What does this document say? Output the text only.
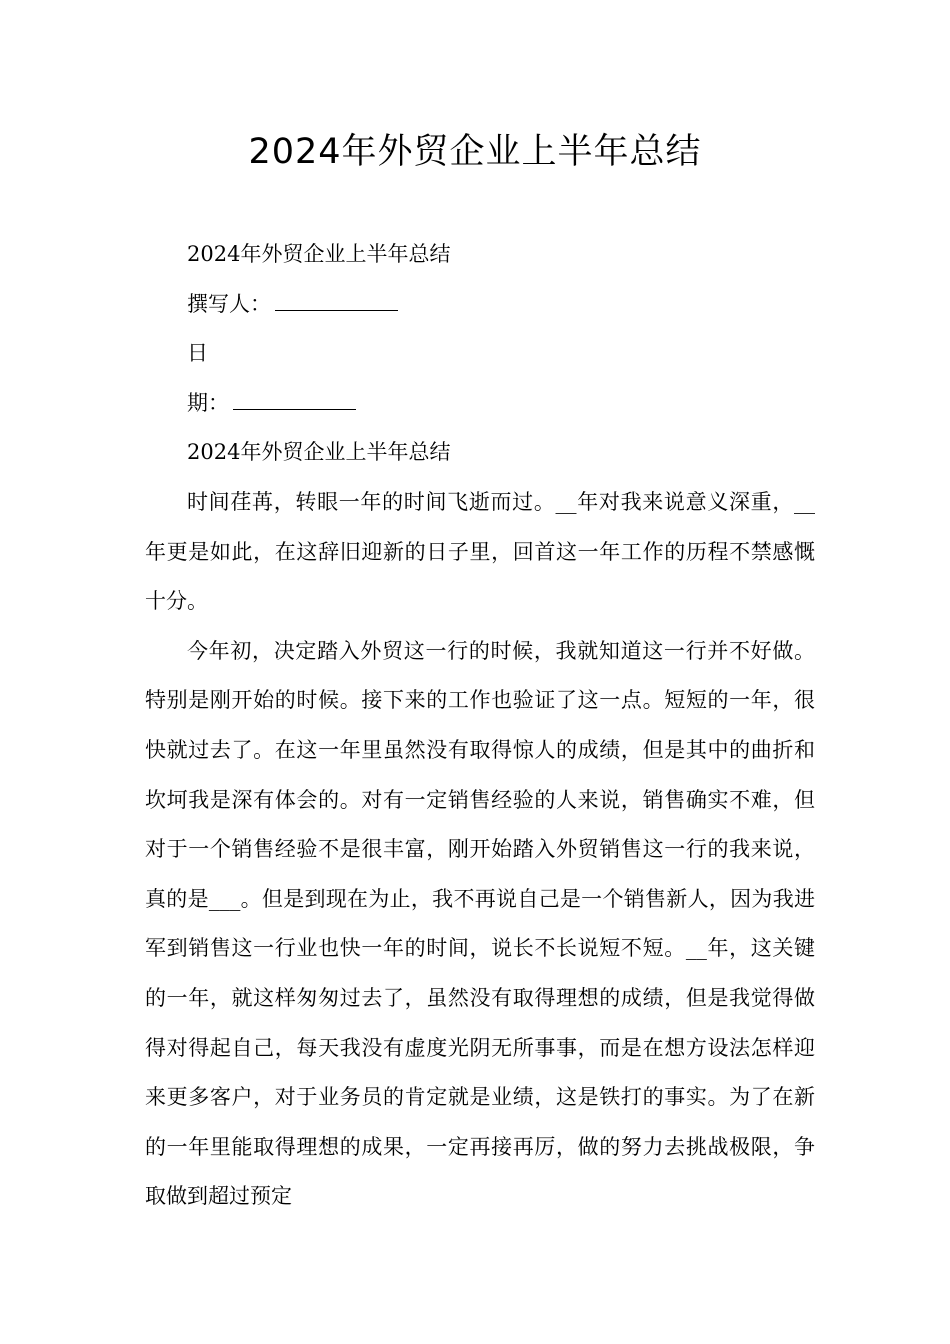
2024年外贸企业上半年总结

2024年外贸企业上半年总结

撰写人：

日

期：

2024年外贸企业上半年总结

时间荏苒，转眼一年的时间飞逝而过。__年对我来说意义深重，__年更是如此，在这辞旧迎新的日子里，回首这一年工作的历程不禁感慨十分。

今年初，决定踏入外贸这一行的时候，我就知道这一行并不好做。特别是刚开始的时候。接下来的工作也验证了这一点。短短的一年，很快就过去了。在这一年里虽然没有取得惊人的成绩，但是其中的曲折和坎坷我是深有体会的。对有一定销售经验的人来说，销售确实不难，但对于一个销售经验不是很丰富，刚开始踏入外贸销售这一行的我来说，真的是___。但是到现在为止，我不再说自己是一个销售新人，因为我进军到销售这一行业也快一年的时间，说长不长说短不短。__年，这关键的一年，就这样匆匆过去了，虽然没有取得理想的成绩，但是我觉得做得对得起自己，每天我没有虚度光阴无所事事，而是在想方设法怎样迎来更多客户，对于业务员的肯定就是业绩，这是铁打的事实。为了在新的一年里能取得理想的成果，一定再接再厉，做的努力去挑战极限，争取做到超过预定
